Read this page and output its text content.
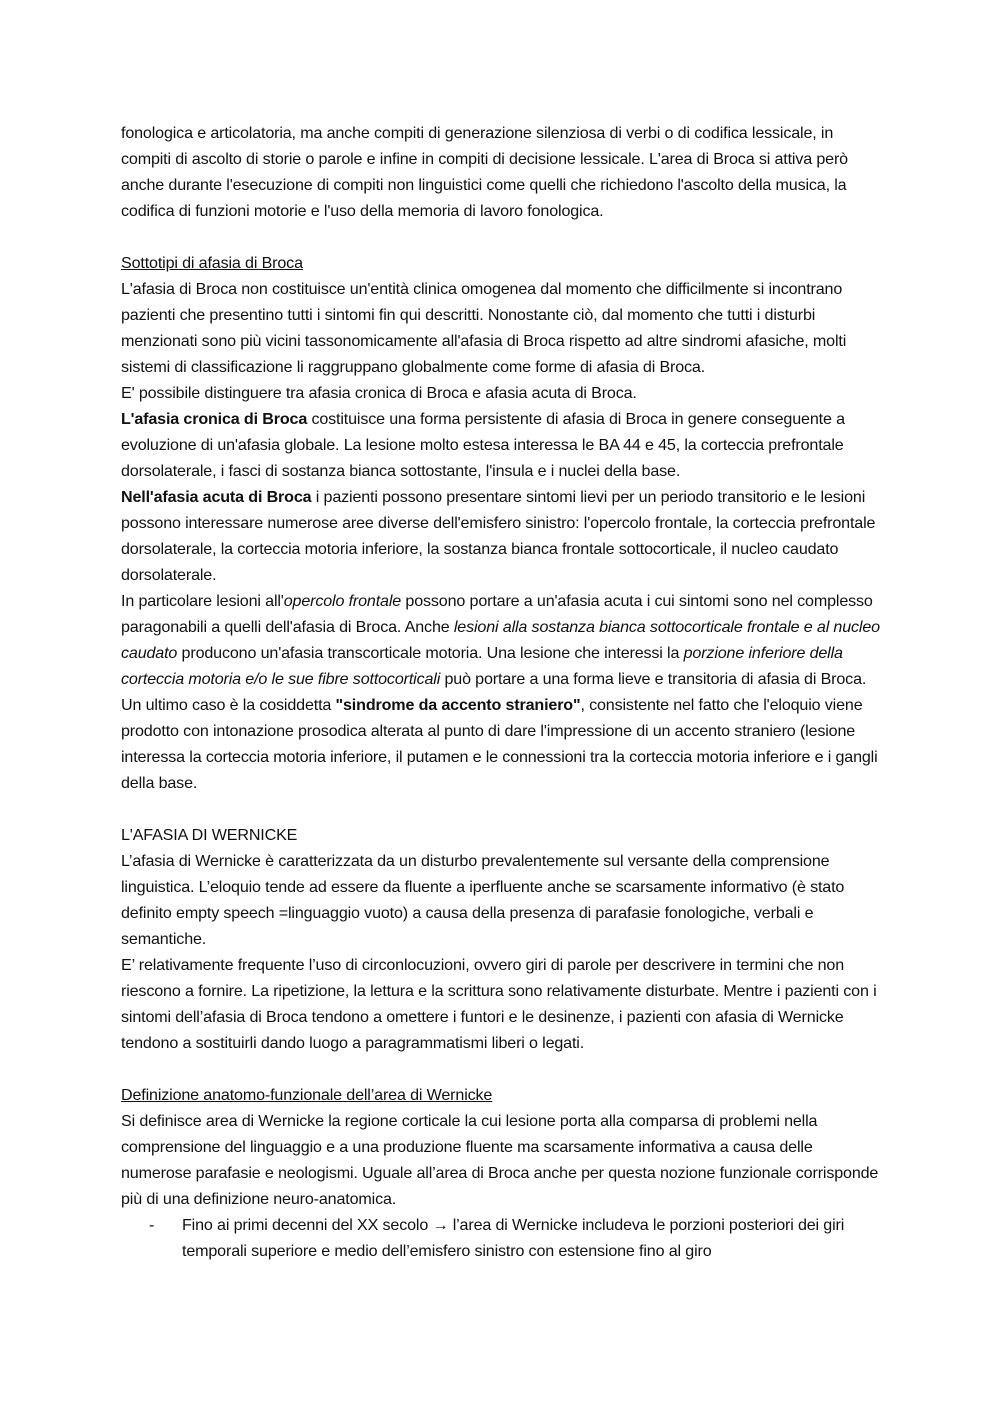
fonologica e articolatoria, ma anche compiti di generazione silenziosa di verbi o di codifica lessicale, in compiti di ascolto di storie o parole e infine in compiti di decisione lessicale. L'area di Broca si attiva però anche durante l'esecuzione di compiti non linguistici come quelli che richiedono l'ascolto della musica, la codifica di funzioni motorie e l'uso della memoria di lavoro fonologica.

Sottotipi di afasia di Broca

L'afasia di Broca non costituisce un'entità clinica omogenea dal momento che difficilmente si incontrano pazienti che presentino tutti i sintomi fin qui descritti. Nonostante ciò, dal momento che tutti i disturbi menzionati sono più vicini tassonomicamente all'afasia di Broca rispetto ad altre sindromi afasiche, molti sistemi di classificazione li raggruppano globalmente come forme di afasia di Broca.

E' possibile distinguere tra afasia cronica di Broca e afasia acuta di Broca.

L'afasia cronica di Broca costituisce una forma persistente di afasia di Broca in genere conseguente a evoluzione di un'afasia globale. La lesione molto estesa interessa le BA 44 e 45, la corteccia prefrontale dorsolaterale, i fasci di sostanza bianca sottostante, l'insula e i nuclei della base.

Nell'afasia acuta di Broca i pazienti possono presentare sintomi lievi per un periodo transitorio e le lesioni possono interessare numerose aree diverse dell'emisfero sinistro: l'opercolo frontale, la corteccia prefrontale dorsolaterale, la corteccia motoria inferiore, la sostanza bianca frontale sottocorticale, il nucleo caudato dorsolaterale.

In particolare lesioni all'opercolo frontale possono portare a un'afasia acuta i cui sintomi sono nel complesso paragonabili a quelli dell'afasia di Broca. Anche lesioni alla sostanza bianca sottocorticale frontale e al nucleo caudato producono un'afasia transcorticale motoria. Una lesione che interessi la porzione inferiore della corteccia motoria e/o le sue fibre sottocorticali può portare a una forma lieve e transitoria di afasia di Broca. Un ultimo caso è la cosiddetta "sindrome da accento straniero", consistente nel fatto che l'eloquio viene prodotto con intonazione prosodica alterata al punto di dare l'impressione di un accento straniero (lesione interessa la corteccia motoria inferiore, il putamen e le connessioni tra la corteccia motoria inferiore e i gangli della base.

L'AFASIA DI WERNICKE

L’afasia di Wernicke è caratterizzata da un disturbo prevalentemente sul versante della comprensione linguistica. L’eloquio tende ad essere da fluente a iperfluente anche se scarsamente informativo (è stato definito empty speech =linguaggio vuoto) a causa della presenza di parafasie fonologiche, verbali e semantiche.

E’ relativamente frequente l’uso di circonlocuzioni, ovvero giri di parole per descrivere in termini che non riescono a fornire. La ripetizione, la lettura e la scrittura sono relativamente disturbate. Mentre i pazienti con i sintomi dell’afasia di Broca tendono a omettere i funtori e le desinenze, i pazienti con afasia di Wernicke tendono a sostituirli dando luogo a paragrammatismi liberi o legati.

Definizione anatomo-funzionale dell’area di Wernicke

Si definisce area di Wernicke la regione corticale la cui lesione porta alla comparsa di problemi nella comprensione del linguaggio e a una produzione fluente ma scarsamente informativa a causa delle numerose parafasie e neologismi. Uguale all’area di Broca anche per questa nozione funzionale corrisponde più di una definizione neuro-anatomica.

- Fino ai primi decenni del XX secolo → l’area di Wernicke includeva le porzioni posteriori dei giri temporali superiore e medio dell’emisfero sinistro con estensione fino al giro
